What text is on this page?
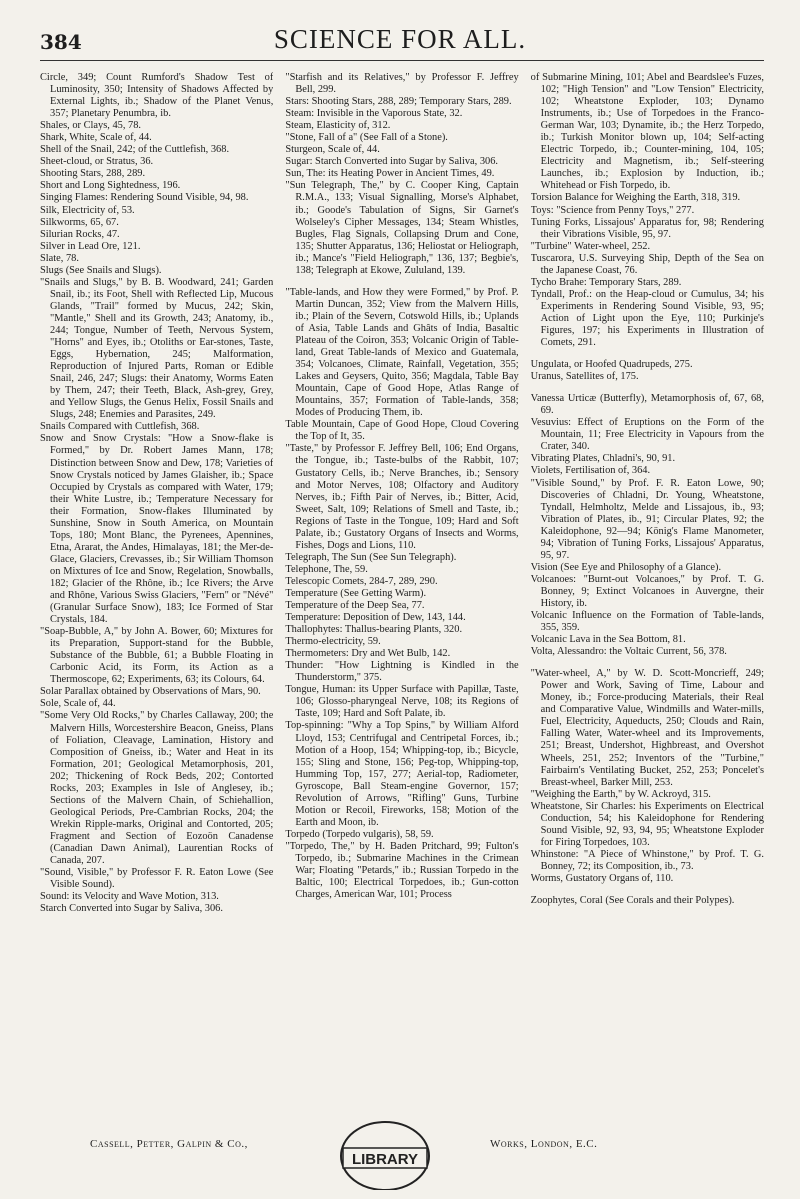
384	SCIENCE FOR ALL.

Circle, 349; Count Rumford's Shadow Test of Luminosity, 350; Intensity of Shadows Affected by External Lights, ib.; Shadow of the Planet Venus, 357; Planetary Penumbra, ib.

Shales, or Clays, 45, 78.

Shark, White, Scale of, 44.

Shell of the Snail, 242; of the Cuttlefish, 368.

Sheet-cloud, or Stratus, 36.

Shooting Stars, 288, 289.

Short and Long Sightedness, 196.

Singing Flames: Rendering Sound Visible, 94, 98.

Silk, Electricity of, 53.

Silkworms, 65, 67.

Silurian Rocks, 47.

Silver in Lead Ore, 121.

Slate, 78.

Slugs (See Snails and Slugs).

"Snails and Slugs," by B. B. Woodward, 241; Garden Snail, ib.; its Foot, Shell with Reflected Lip, Mucous Glands, "Trail" formed by Mucus, 242; Skin, "Mantle," Shell and its Growth, 243; Anatomy, ib., 244; Tongue, Number of Teeth, Nervous System, "Horns" and Eyes, ib.; Otoliths or Ear-stones, Taste, Eggs, Hybernation, 245; Malformation, Reproduction of Injured Parts, Roman or Edible Snail, 246, 247; Slugs: their Anatomy, Worms Eaten by Them, 247; their Teeth, Black, Ash-grey, Grey, and Yellow Slugs, the Genus Helix, Fossil Snails and Slugs, 248; Enemies and Parasites, 249.

Snails Compared with Cuttlefish, 368.

Snow and Snow Crystals: "How a Snow-flake is Formed," by Dr. Robert James Mann, 178; Distinction between Snow and Dew, 178; Varieties of Snow Crystals noticed by James Glaisher, ib.; Space Occupied by Crystals as compared with Water, 179; their White Lustre, ib.; Temperature Necessary for their Formation, Snow-flakes Illuminated by Sunshine, Snow in South America, on Mountain Tops, 180; Mont Blanc, the Pyrenees, Apennines, Etna, Ararat, the Andes, Himalayas, 181; the Mer-de-Glace, Glaciers, Crevasses, ib.; Sir William Thomson on Mixtures of Ice and Snow, Regelation, Snowballs, 182; Glacier of the Rhône, ib.; Ice Rivers; the Arve and Rhône, Various Swiss Glaciers, "Fern" or "Névé" (Granular Surface Snow), 183; Ice Formed of Star Crystals, 184.

"Soap-Bubble, A," by John A. Bower, 60; Mixtures for its Preparation, Support-stand for the Bubble, Substance of the Bubble, 61; a Bubble Floating in Carbonic Acid, its Form, its Action as a Thermoscope, 62; Experiments, 63; its Colours, 64.

Solar Parallax obtained by Observations of Mars, 90.

Sole, Scale of, 44.

"Some Very Old Rocks," by Charles Callaway, 200; the Malvern Hills, Worcestershire Beacon, Gneiss, Plans of Foliation, Cleavage, Lamination, History and Composition of Gneiss, ib.; Water and Heat in its Formation, 201; Geological Metamorphosis, 201, 202; Thickening of Rock Beds, 202; Contorted Rocks, 203; Examples in Isle of Anglesey, ib.; Sections of the Malvern Chain, of Schiehallion, Geological Periods, Pre-Cambrian Rocks, 204; the Wrekin Ripple-marks, Original and Contorted, 205; Fragment and Section of Eozoön Canadense (Canadian Dawn Animal), Laurentian Rocks of Canada, 207.

"Sound, Visible," by Professor F. R. Eaton Lowe (See Visible Sound).

Sound: its Velocity and Wave Motion, 313.

Starch Converted into Sugar by Saliva, 306.

"Starfish and its Relatives," by Professor F. Jeffrey Bell, 299.

Stars: Shooting Stars, 288, 289; Temporary Stars, 289.

Steam: Invisible in the Vaporous State, 32.

Steam, Elasticity of, 312.

"Stone, Fall of a" (See Fall of a Stone).

Sturgeon, Scale of, 44.

Sugar: Starch Converted into Sugar by Saliva, 306.

Sun, The: its Heating Power in Ancient Times, 49.

"Sun Telegraph, The," by C. Cooper King, Captain R.M.A., 133; Visual Signalling, Morse's Alphabet, ib.; Goode's Tabulation of Signs, Sir Garnet's Wolseley's Cipher Messages, 134; Steam Whistles, Bugles, Flag Signals, Collapsing Drum and Cone, 135; Shutter Apparatus, 136; Heliostat or Heliograph, ib.; Mance's "Field Heliograph," 136, 137; Begbie's, 138; Telegraph at Ekowe, Zululand, 139.

"Table-lands, and How they were Formed," by Prof. P. Martin Duncan, 352; View from the Malvern Hills, ib.; Plain of the Severn, Cotswold Hills, ib.; Uplands of Asia, Table Lands and Ghâts of India, Basaltic Plateau of the Coiron, 353; Volcanic Origin of Table-land, Great Table-lands of Mexico and Guatemala, 354; Volcanoes, Climate, Rainfall, Vegetation, 355; Lakes and Geysers, Quito, 356; Magdala, Table Bay Mountain, Cape of Good Hope, Atlas Range of Mountains, 357; Formation of Table-lands, 358; Modes of Producing Them, ib.

Table Mountain, Cape of Good Hope, Cloud Covering the Top of It, 35.

"Taste," by Professor F. Jeffrey Bell, 106; End Organs, the Tongue, ib.; Taste-bulbs of the Rabbit, 107; Gustatory Cells, ib.; Nerve Branches, ib.; Sensory and Motor Nerves, 108; Olfactory and Auditory Nerves, ib.; Fifth Pair of Nerves, ib.; Bitter, Acid, Sweet, Salt, 109; Relations of Smell and Taste, ib.; Regions of Taste in the Tongue, 109; Hard and Soft Palate, ib.; Gustatory Organs of Insects and Worms, Fishes, Dogs and Lions, 110.

Telegraph, The Sun (See Sun Telegraph).

Telephone, The, 59.

Telescopic Comets, 284-7, 289, 290.

Temperature (See Getting Warm).

Temperature of the Deep Sea, 77.

Temperature: Deposition of Dew, 143, 144.

Thallophytes: Thallus-bearing Plants, 320.

Thermo-electricity, 59.

Thermometers: Dry and Wet Bulb, 142.

Thunder: "How Lightning is Kindled in the Thunderstorm," 375.

Tongue, Human: its Upper Surface with Papillæ, Taste, 106; Glosso-pharyngeal Nerve, 108; its Regions of Taste, 109; Hard and Soft Palate, ib.

Top-spinning: "Why a Top Spins," by William Alford Lloyd, 153; Centrifugal and Centripetal Forces, ib.; Motion of a Hoop, 154; Whipping-top, ib.; Bicycle, 155; Sling and Stone, 156; Peg-top, Whipping-top, Humming Top, 157, 277; Aerial-top, Radiometer, Gyroscope, Ball Steam-engine Governor, 157; Revolution of Arrows, "Rifling" Guns, Turbine Motion or Recoil, Fireworks, 158; Motion of the Earth and Moon, ib.

Torpedo (Torpedo vulgaris), 58, 59.

"Torpedo, The," by H. Baden Pritchard, 99; Fulton's Torpedo, ib.; Submarine Machines in the Crimean War; Floating "Petards," ib.; Russian Torpedo in the Baltic, 100; Electrical Torpedoes, ib.; Gun-cotton Charges, American War, 101; Process

of Submarine Mining, 101; Abel and Beardslee's Fuzes, 102; "High Tension" and "Low Tension" Electricity, 102; Wheatstone Exploder, 103; Dynamo Instruments, ib.; Use of Torpedoes in the Franco-German War, 103; Dynamite, ib.; the Herz Torpedo, ib.; Turkish Monitor blown up, 104; Self-acting Electric Torpedo, ib.; Counter-mining, 104, 105; Electricity and Magnetism, ib.; Self-steering Launches, ib.; Explosion by Induction, ib.; Whitehead or Fish Torpedo, ib.

Torsion Balance for Weighing the Earth, 318, 319.

Toys: "Science from Penny Toys," 277.

Tuning Forks, Lissajous' Apparatus for, 98; Rendering their Vibrations Visible, 95, 97.

"Turbine" Water-wheel, 252.

Tuscarora, U.S. Surveying Ship, Depth of the Sea on the Japanese Coast, 76.

Tycho Brahe: Temporary Stars, 289.

Tyndall, Prof.: on the Heap-cloud or Cumulus, 34; his Experiments in Rendering Sound Visible, 93, 95; Action of Light upon the Eye, 110; Purkinje's Figures, 197; his Experiments in Illustration of Comets, 291.

Ungulata, or Hoofed Quadrupeds, 275.

Uranus, Satellites of, 175.

Vanessa Urticæ (Butterfly), Metamorphosis of, 67, 68, 69.

Vesuvius: Effect of Eruptions on the Form of the Mountain, 11; Free Electricity in Vapours from the Crater, 340.

Vibrating Plates, Chladni's, 90, 91.

Violets, Fertilisation of, 364.

"Visible Sound," by Prof. F. R. Eaton Lowe, 90; Discoveries of Chladni, Dr. Young, Wheatstone, Tyndall, Helmholtz, Melde and Lissajous, ib., 93; Vibration of Plates, ib., 91; Circular Plates, 92; the Kaleidophone, 92—94; König's Flame Manometer, 94; Vibration of Tuning Forks, Lissajous' Apparatus, 95, 97.

Vision (See Eye and Philosophy of a Glance).

Volcanoes: "Burnt-out Volcanoes," by Prof. T. G. Bonney, 9; Extinct Volcanoes in Auvergne, their History, ib.

Volcanic Influence on the Formation of Table-lands, 355, 359.

Volcanic Lava in the Sea Bottom, 81.

Volta, Alessandro: the Voltaic Current, 56, 378.

"Water-wheel, A," by W. D. Scott-Moncrieff, 249; Power and Work, Saving of Time, Labour and Money, ib.; Force-producing Materials, their Real and Comparative Value, Windmills and Water-mills, Fuel, Electricity, Aqueducts, 250; Clouds and Rain, Falling Water, Water-wheel and its Improvements, 251; Breast, Undershot, Highbreast, and Overshot Wheels, 251, 252; Inventors of the "Turbine," Fairbairn's Ventilating Bucket, 252, 253; Poncelet's Breast-wheel, Barker Mill, 253.

"Weighing the Earth," by W. Ackroyd, 315.

Wheatstone, Sir Charles: his Experiments on Electrical Conduction, 54; his Kaleidophone for Rendering Sound Visible, 92, 93, 94, 95; Wheatstone Exploder for Firing Torpedoes, 103.

Whinstone: "A Piece of Whinstone," by Prof. T. G. Bonney, 72; its Composition, ib., 73.

Worms, Gustatory Organs of, 110.

Zoophytes, Coral (See Corals and their Polypes).

Cassell, Petter, Galpin & Co.,	Works, London, E.C.
LIBRARY
